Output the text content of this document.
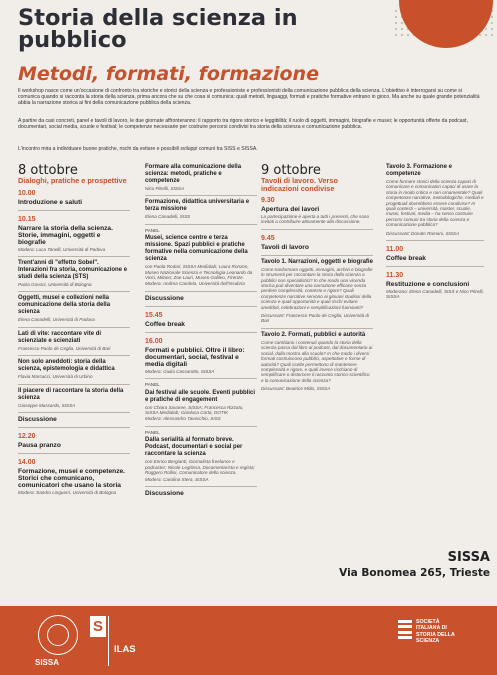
Storia della scienza in pubblico
Metodi, formati, formazione

Il workshop nasce come un'occasione di confronto tra storiche e storici della scienza e professioniste e professionisti della comunicazione pubblica della scienza. L'obiettivo è interrogarsi su come si comunica quando si racconta la storia della scienza, prima ancora che su che cosa si comunica: quali metodi, linguaggi, formati e pratiche formative entrano in gioco. Ma anche su quale grande potenzialità abbia la narrazione storica ai fini della comunicazione pubblica della scienza.

A partire da casi concreti, panel e tavoli di lavoro, le due giornate affronteranno: il rapporto tra rigore storico e leggibilità; il ruolo di oggetti, immagini, biografie e musei; le opportunità offerte da podcast, documentari, social media, scuole e festival; le competenze necessarie per costruire percorsi condivisi tra storia della scienza e comunicazione pubblica.

L'incontro mira a individuare buone pratiche, rischi da evitare e possibili sviluppi comuni tra SISS e SISSA.

8 ottobre
Dialoghi, pratiche e prospettive
10.00
Introduzione e saluti
10.15
Narrare la storia della scienza. Storie, immagini, oggetti e biografie
Modera: Luca Tanelli, Università di Padova
Trent'anni di "effetto Sobel". Interazioni fra storia, comunicazione e studi della scienza (STS)
Paola Govoni, Università di Bologna
Oggetti, musei e collezioni nella comunicazione della storia della scienza
Elena Canadelli, Università di Padova
Lati di vite: raccontare vite di scienziate e scienziati
Francesco Paolo de Ceglia, Università di Bari
Non solo aneddoti: storia della scienza, epistemologia e didattica
Flavia Marcacci, Università di Urbino
Il piacere di raccontare la storia della scienza
Giuseppe Mussardo, SISSA
Discussione
12.20
Pausa pranzo
14.00
Formazione, musei e competenze. Storici che comunicano, comunicatori che usano la storia
Modera: Sandro Linguerri, Università di Bologna
Formare alla comunicazione della scienza: metodi, pratiche e competenze
Nico Pitrelli, SISSA
Formazione, didattica universitaria e terza missione
Elena Canadelli, SISS
PANEL
Musei, science centre e terza missione. Spazi pubblici e pratiche formative nella comunicazione della scienza
con Paola Rodari, SISSA Medialab; Laura Ronzon, Museo Nazionale Scienza e Tecnologia Leonardo da Vinci, Milano; Zoe Lauri, Museo Galileo, Firenze.
Modera: Andrea Candela, Università dell'Insubria
Discussione
15.45
Coffee break
16.00
Formati e pubblici. Oltre il libro: documentari, social, festival e media digitali
Modera: Giulia Cassarotto, SISSA
PANEL
Dai festival alle scuole. Eventi pubblici e pratiche di engagement
con Chiara Savaree, SISSA; Francesca Rizzato, SISSA Medialab; Gianluca Carta, DOTIK
Modera: Alessandro Tavecchio, SISS
PANEL
Dalla serialità al formato breve. Podcast, documentari e social per raccontare la scienza
con Enrico Bergianti, Giornalista freelance e podcaster; Nicole Legitissa, Documentarista e regista; Ruggero Rollini, Comunicatore della scienza.
Modera: Carolina Stera, SISSA
Discussione
9 ottobre
Tavoli di lavoro. Verso indicazioni condivise
9.30
Apertura dei lavori
La partecipazione è aperta a tutti i presenti, che sono invitati a contribuire attivamente alla discussione.
9.45
Tavoli di lavoro
Tavolo 1. Narrazioni, oggetti e biografie
Come trasformare oggetti, immagini, archivi e biografie in strumenti per raccontare la storia della scienza a pubblici non specialistici? In che modo una vicenda storica può diventare una narrazione efficace senza perdere complessità, contesto e rigore? Quali competenze narrative servono ai giovani studiosi della scienza e quali opportunità e quali rischi evitare aneddoti, celebrazioni e semplificazioni fuorvianti?
Discussant: Francesco Paolo de Ceglia, Università di Bari
Tavolo 2. Formati, pubblici e autorità
Come cambiano i contenuti quando la storia della scienza passa dal libro al podcast, dal documentario ai social, dalla mostra alla scuola? In che modo i diversi formati costruiscono pubblici, aspettative e forme di autorità? Quali scelte permettono di mantenere complessità e rigore, e quali invece rischiano di semplificare o distorcere il racconto storico-scientifico e la comunicazione della scienza?
Discussant: Beatrice Mião, SISSA
Tavolo 3. Formazione e competenze
Come formare storici della scienza capaci di comunicare e comunicatori capaci di usare la storia in modo critico e non ornamentale? Quali competenze narrative, metodologiche, mediali e progettuali dovrebbero essere condivise? In quali contesti – università, master, scuole, musei, festival, media – ha senso costruire percorsi comuni tra storia della scienza e comunicazione pubblica?
Discussant: Donato Ramani, SISSA
11.00
Coffee break
11.30
Restituzione e conclusioni
Moderano: Elena Canadelli, SISS e Nico Pitrelli, SISSA
SISSA
Via Bonomea 265, Trieste
SISSA
S
ILAS
SOCIETÀ
ITALIANA DI
STORIA DELLA
SCIENZA
